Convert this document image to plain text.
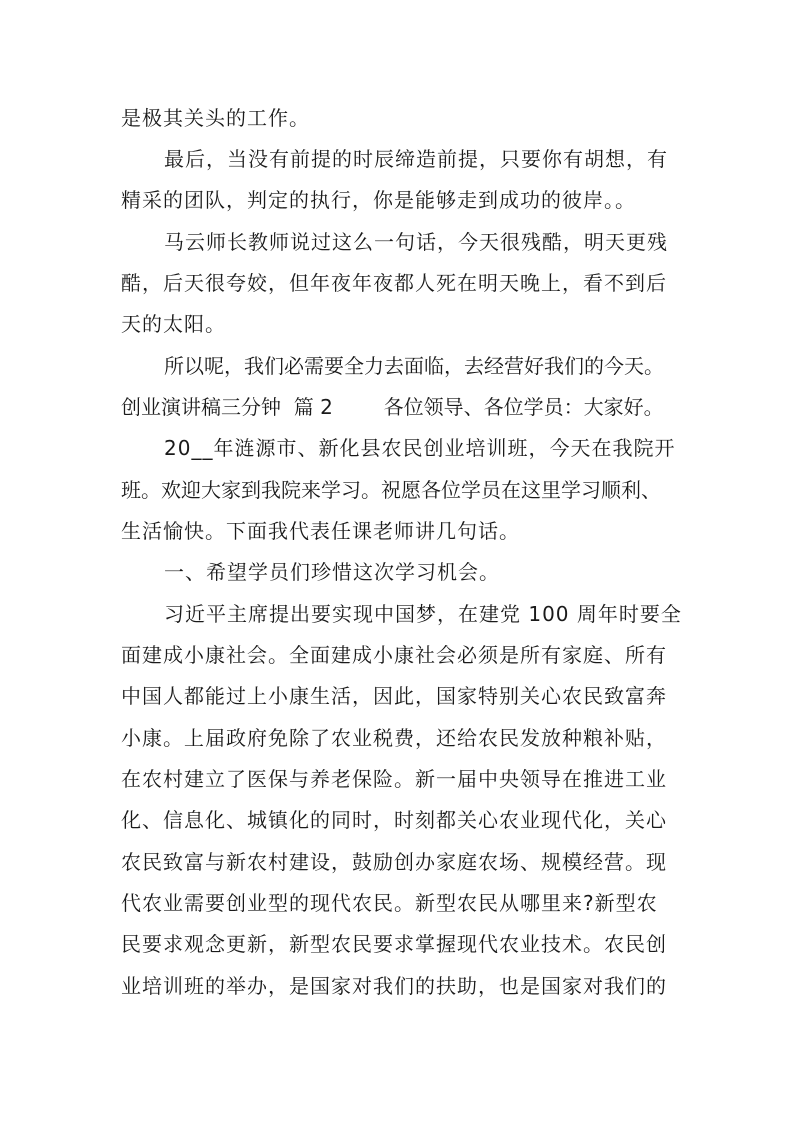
是极其关头的工作。
最后，当没有前提的时辰缔造前提，只要你有胡想，有
精采的团队，判定的执行，你是能够走到成功的彼岸。。
马云师长教师说过这么一句话，今天很残酷，明天更残
酷，后天很夸姣，但年夜年夜都人死在明天晚上，看不到后
天的太阳。
所以呢，我们必需要全力去面临，去经营好我们的今天。
创业演讲稿三分钟  篇 2        各位领导、各位学员：大家好。
20__年涟源市、新化县农民创业培训班，今天在我院开
班。欢迎大家到我院来学习。祝愿各位学员在这里学习顺利、
生活愉快。下面我代表任课老师讲几句话。
一、希望学员们珍惜这次学习机会。
习近平主席提出要实现中国梦，在建党 100 周年时要全
面建成小康社会。全面建成小康社会必须是所有家庭、所有
中国人都能过上小康生活，因此，国家特别关心农民致富奔
小康。上届政府免除了农业税费，还给农民发放种粮补贴，
在农村建立了医保与养老保险。新一届中央领导在推进工业
化、信息化、城镇化的同时，时刻都关心农业现代化，关心
农民致富与新农村建设，鼓励创办家庭农场、规模经营。现
代农业需要创业型的现代农民。新型农民从哪里来?新型农
民要求观念更新，新型农民要求掌握现代农业技术。农民创
业培训班的举办，是国家对我们的扶助，也是国家对我们的
